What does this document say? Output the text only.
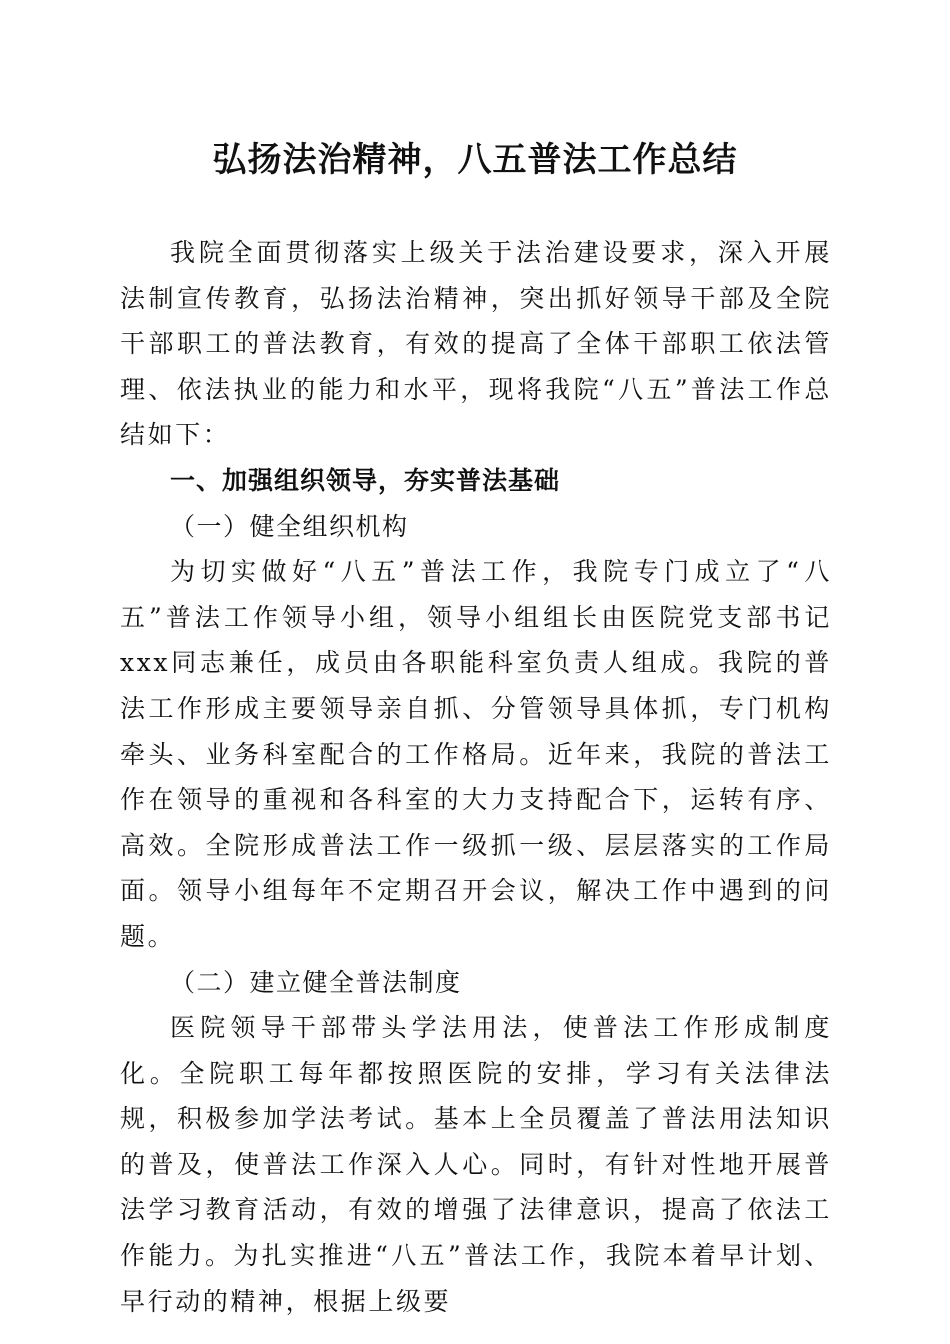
弘扬法治精神，八五普法工作总结

我院全面贯彻落实上级关于法治建设要求，深入开展法制宣传教育，弘扬法治精神，突出抓好领导干部及全院干部职工的普法教育，有效的提高了全体干部职工依法管理、依法执业的能力和水平，现将我院“八五”普法工作总结如下：

一、加强组织领导，夯实普法基础

（一）健全组织机构

为切实做好“八五”普法工作，我院专门成立了“八五”普法工作领导小组，领导小组组长由医院党支部书记xxx同志兼任，成员由各职能科室负责人组成。我院的普法工作形成主要领导亲自抓、分管领导具体抓，专门机构牵头、业务科室配合的工作格局。近年来，我院的普法工作在领导的重视和各科室的大力支持配合下，运转有序、高效。全院形成普法工作一级抓一级、层层落实的工作局面。领导小组每年不定期召开会议，解决工作中遇到的问题。

（二）建立健全普法制度

医院领导干部带头学法用法，使普法工作形成制度化。全院职工每年都按照医院的安排，学习有关法律法规，积极参加学法考试。基本上全员覆盖了普法用法知识的普及，使普法工作深入人心。同时，有针对性地开展普法学习教育活动，有效的增强了法律意识，提高了依法工作能力。为扎实推进“八五”普法工作，我院本着早计划、早行动的精神，根据上级要
